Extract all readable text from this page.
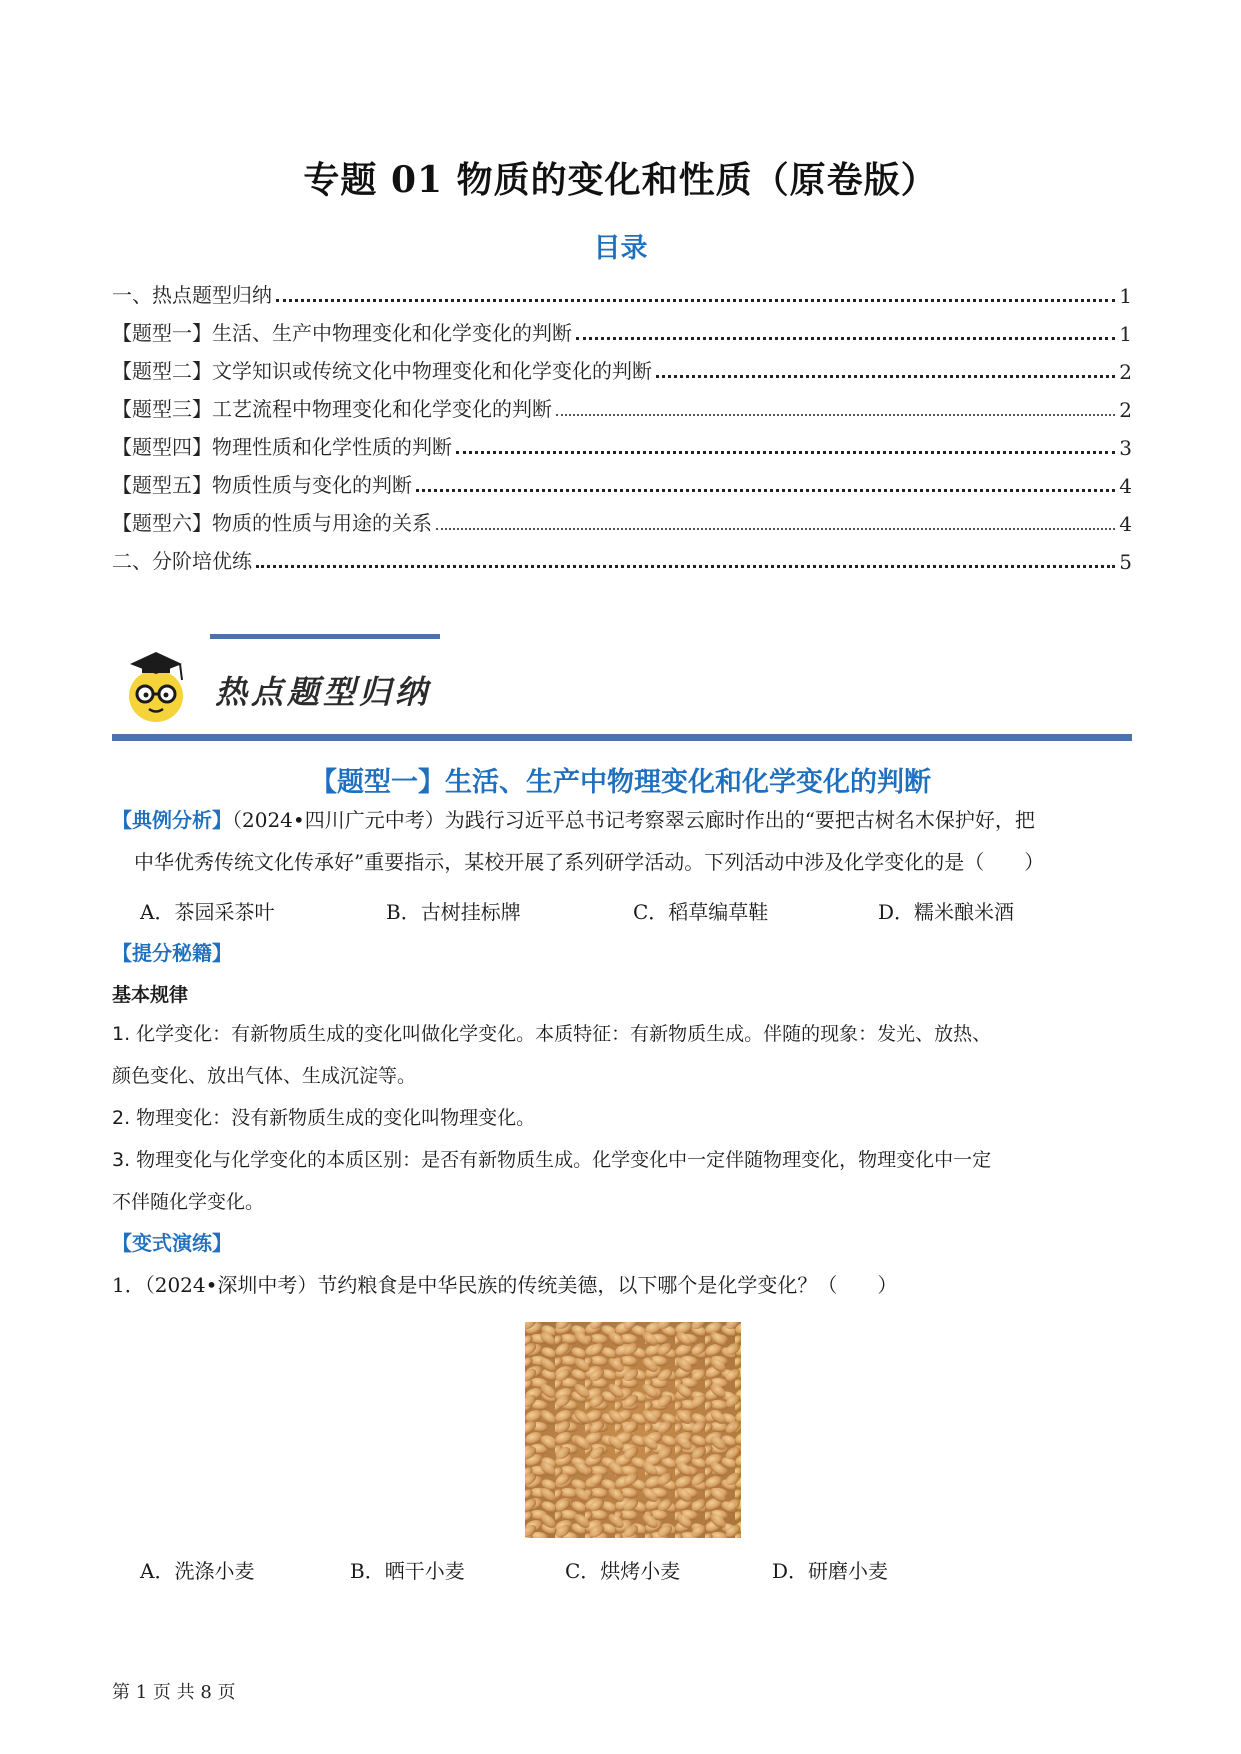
专题 01 物质的变化和性质（原卷版）
目录
一、热点题型归纳	1
【题型一】生活、生产中物理变化和化学变化的判断	1
【题型二】文学知识或传统文化中物理变化和化学变化的判断	2
【题型三】工艺流程中物理变化和化学变化的判断	2
【题型四】物理性质和化学性质的判断	3
【题型五】物质性质与变化的判断	4
【题型六】物质的性质与用途的关系	4
二、分阶培优练	5
热点题型归纳
【题型一】生活、生产中物理变化和化学变化的判断
【典例分析】（2024•四川广元中考）为践行习近平总书记考察翠云廊时作出的“要把古树名木保护好，把
中华优秀传统文化传承好”重要指示，某校开展了系列研学活动。下列活动中涉及化学变化的是（　　）
A．茶园采茶叶	B．古树挂标牌	C．稻草编草鞋	D．糯米酿米酒
【提分秘籍】
基本规律
1. 化学变化：有新物质生成的变化叫做化学变化。本质特征：有新物质生成。伴随的现象：发光、放热、
颜色变化、放出气体、生成沉淀等。
2. 物理变化：没有新物质生成的变化叫物理变化。
3. 物理变化与化学变化的本质区别：是否有新物质生成。化学变化中一定伴随物理变化，物理变化中一定
不伴随化学变化。
【变式演练】
1．（2024•深圳中考）节约粮食是中华民族的传统美德，以下哪个是化学变化？（　　）
A．洗涤小麦	B．晒干小麦	C．烘烤小麦	D．研磨小麦
第 1 页 共 8 页
